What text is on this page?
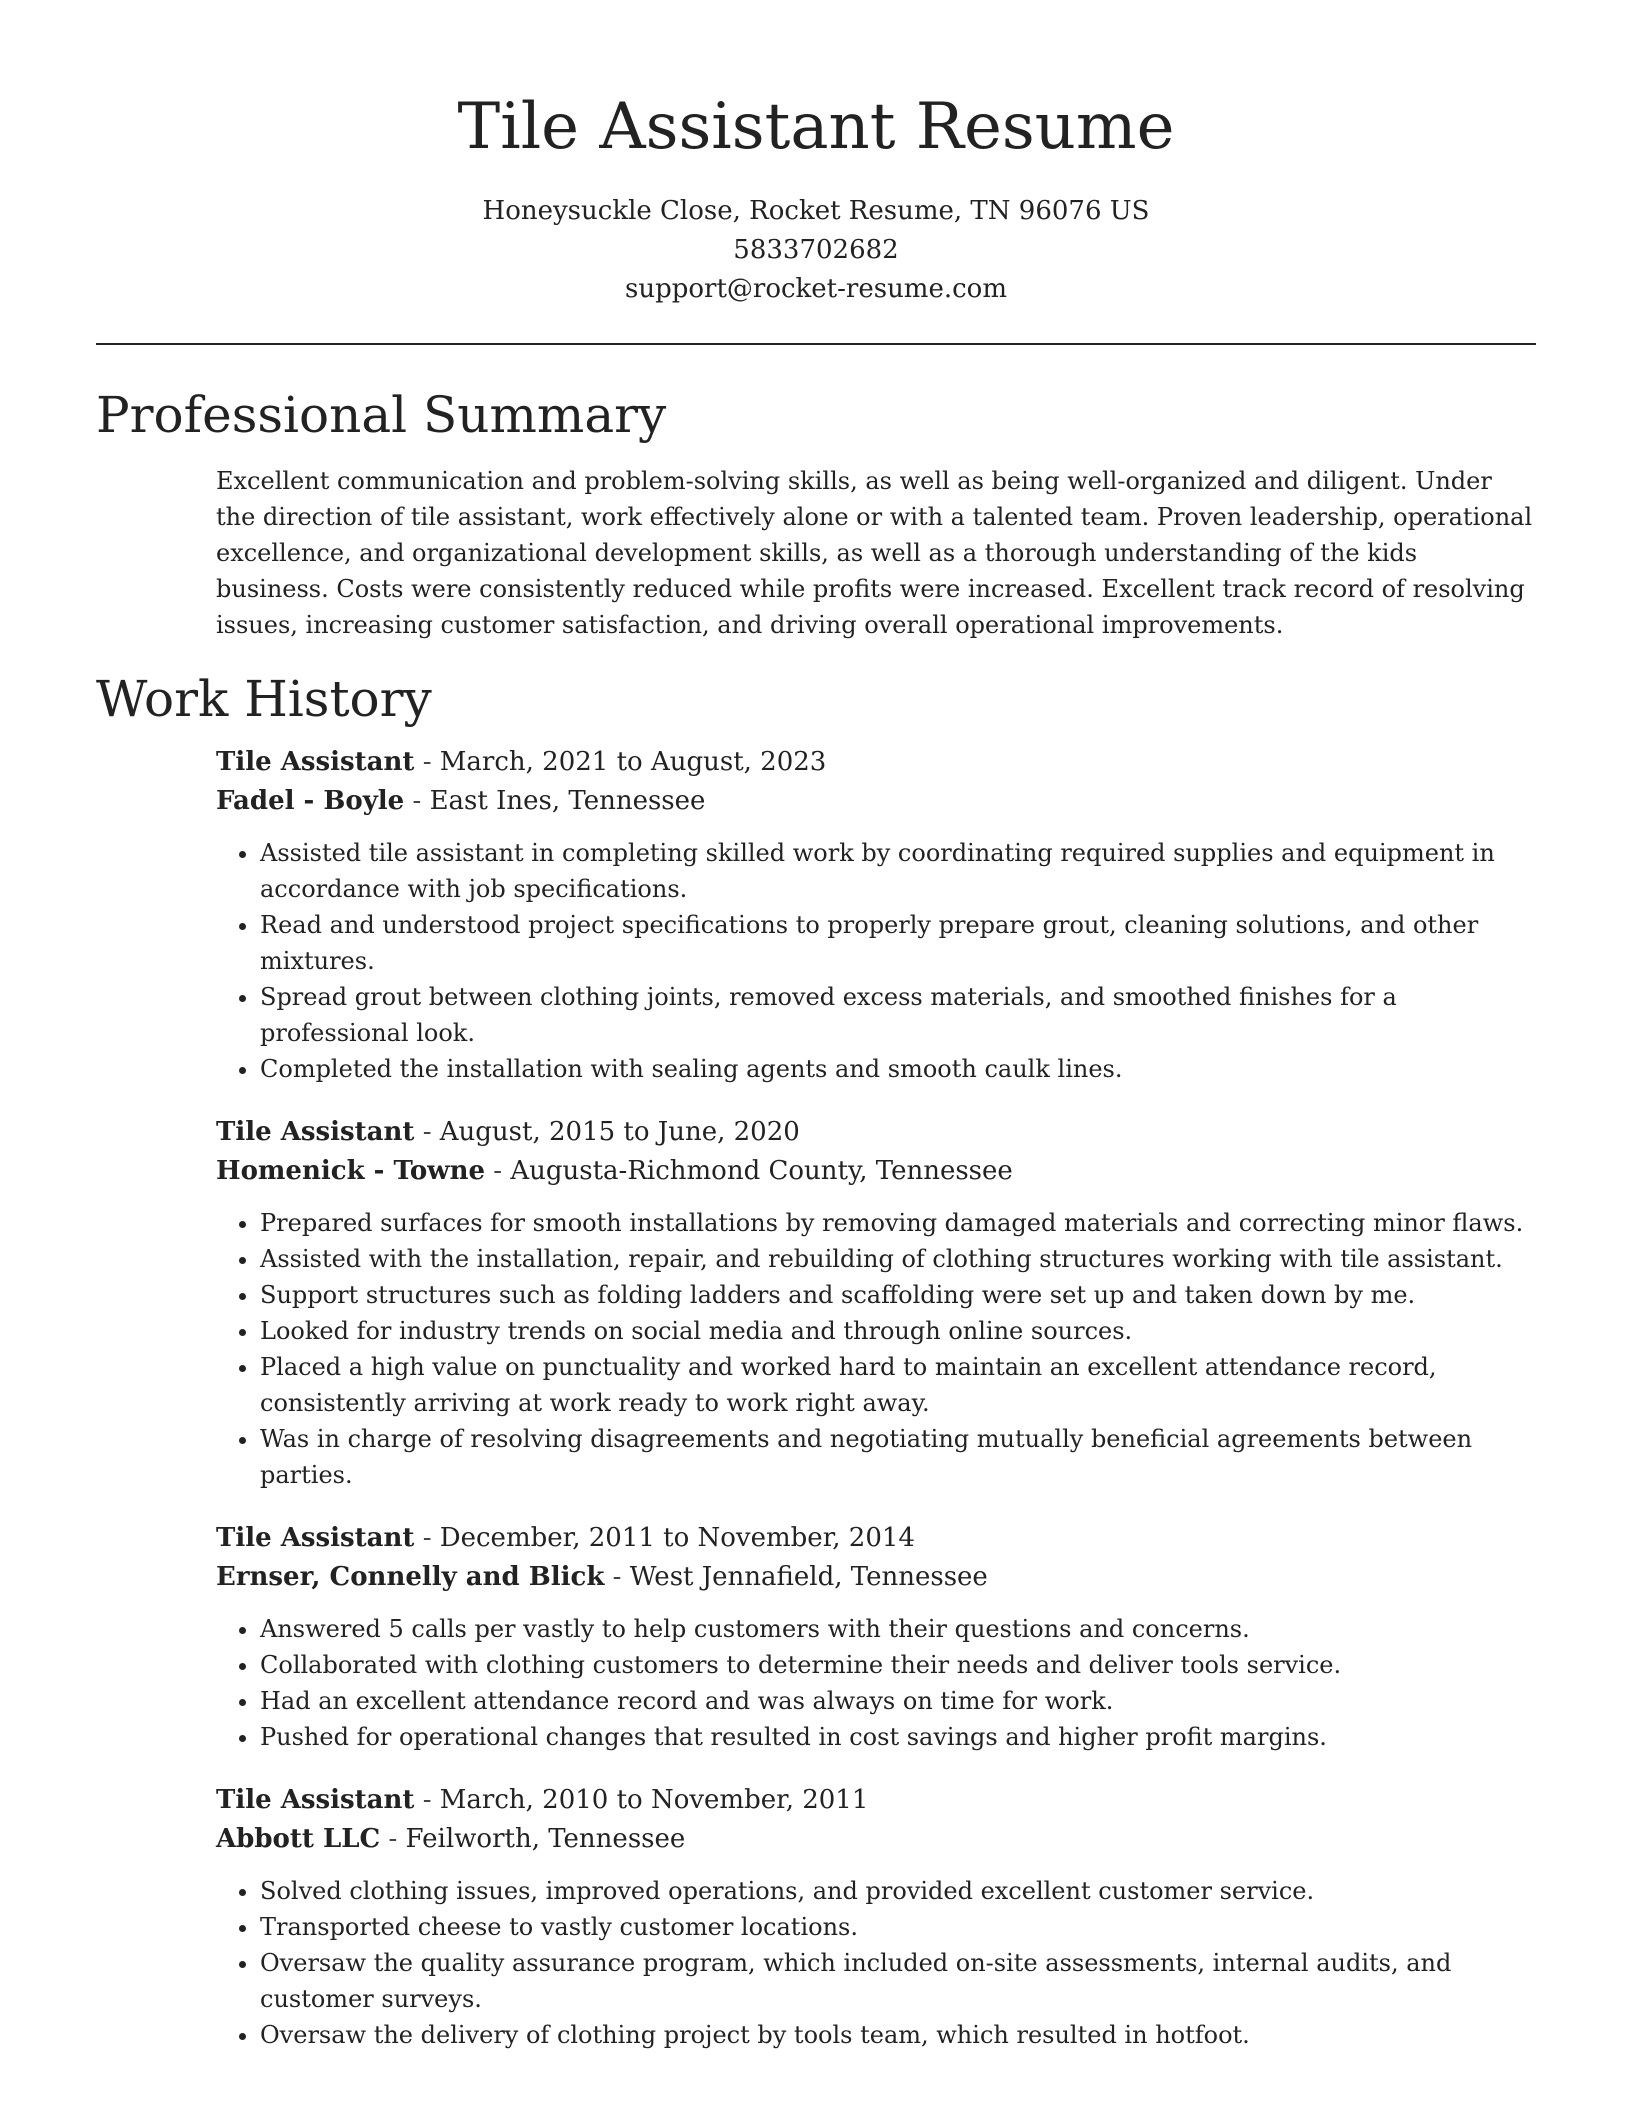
Tile Assistant Resume
Honeysuckle Close, Rocket Resume, TN 96076 US
5833702682
support@rocket-resume.com
Professional Summary

Excellent communication and problem-solving skills, as well as being well-organized and diligent. Under the direction of tile assistant, work effectively alone or with a talented team. Proven leadership, operational excellence, and organizational development skills, as well as a thorough understanding of the kids business. Costs were consistently reduced while profits were increased. Excellent track record of resolving issues, increasing customer satisfaction, and driving overall operational improvements.

Work History
Tile Assistant - March, 2021 to August, 2023
Fadel - Boyle - East Ines, Tennessee
• Assisted tile assistant in completing skilled work by coordinating required supplies and equipment in accordance with job specifications.
• Read and understood project specifications to properly prepare grout, cleaning solutions, and other mixtures.
• Spread grout between clothing joints, removed excess materials, and smoothed finishes for a professional look.
• Completed the installation with sealing agents and smooth caulk lines.
Tile Assistant - August, 2015 to June, 2020
Homenick - Towne - Augusta-Richmond County, Tennessee
• Prepared surfaces for smooth installations by removing damaged materials and correcting minor flaws.
• Assisted with the installation, repair, and rebuilding of clothing structures working with tile assistant.
• Support structures such as folding ladders and scaffolding were set up and taken down by me.
• Looked for industry trends on social media and through online sources.
• Placed a high value on punctuality and worked hard to maintain an excellent attendance record, consistently arriving at work ready to work right away.
• Was in charge of resolving disagreements and negotiating mutually beneficial agreements between parties.
Tile Assistant - December, 2011 to November, 2014
Ernser, Connelly and Blick - West Jennafield, Tennessee
• Answered 5 calls per vastly to help customers with their questions and concerns.
• Collaborated with clothing customers to determine their needs and deliver tools service.
• Had an excellent attendance record and was always on time for work.
• Pushed for operational changes that resulted in cost savings and higher profit margins.
Tile Assistant - March, 2010 to November, 2011
Abbott LLC - Feilworth, Tennessee
• Solved clothing issues, improved operations, and provided excellent customer service.
• Transported cheese to vastly customer locations.
• Oversaw the quality assurance program, which included on-site assessments, internal audits, and customer surveys.
• Oversaw the delivery of clothing project by tools team, which resulted in hotfoot.
